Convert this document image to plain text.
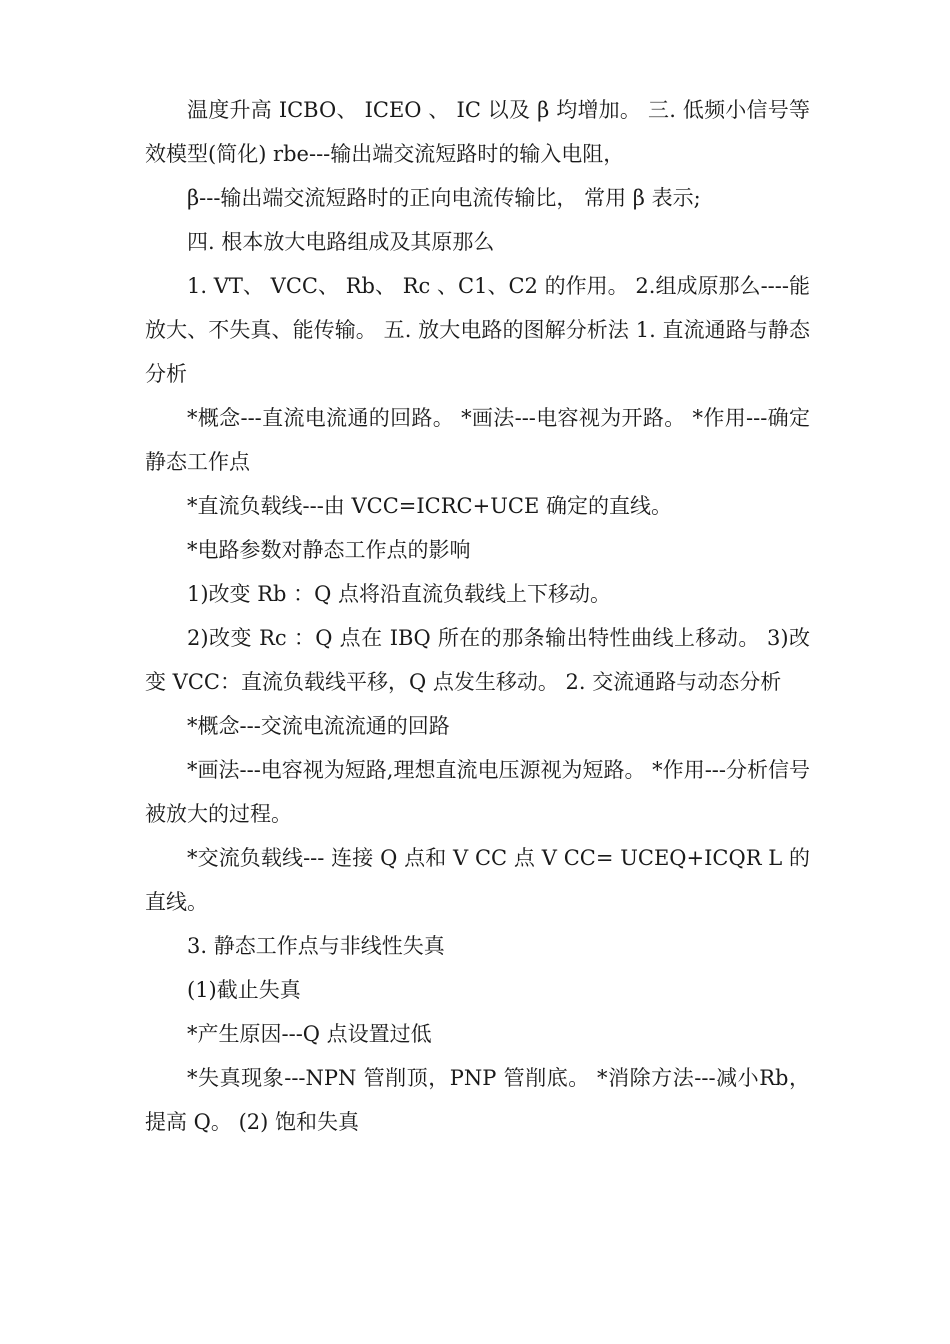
温度升高 ICBO、 ICEO 、 IC 以及 β 均增加。 三. 低频小信号等效模型(简化) rbe---输出端交流短路时的输入电阻，

β---输出端交流短路时的正向电流传输比， 常用 β 表示;

四. 根本放大电路组成及其原那么

1. VT、 VCC、 Rb、 Rc 、C1、C2 的作用。 2.组成原那么----能放大、不失真、能传输。 五. 放大电路的图解分析法 1. 直流通路与静态分析

*概念---直流电流通的回路。 *画法---电容视为开路。 *作用---确定静态工作点

*直流负载线---由 VCC=ICRC+UCE 确定的直线。

*电路参数对静态工作点的影响

1)改变 Rb ：Q 点将沿直流负载线上下移动。

2)改变 Rc ：Q 点在 IBQ 所在的那条输出特性曲线上移动。 3)改变 VCC：直流负载线平移，Q 点发生移动。 2. 交流通路与动态分析

*概念---交流电流流通的回路

*画法---电容视为短路,理想直流电压源视为短路。 *作用---分析信号被放大的过程。

*交流负载线--- 连接 Q 点和 V CC 点 V CC= UCEQ+ICQR L 的直线。

3. 静态工作点与非线性失真

(1)截止失真

*产生原因---Q 点设置过低

*失真现象---NPN 管削顶，PNP 管削底。 *消除方法---减小Rb，提高 Q。 (2) 饱和失真
